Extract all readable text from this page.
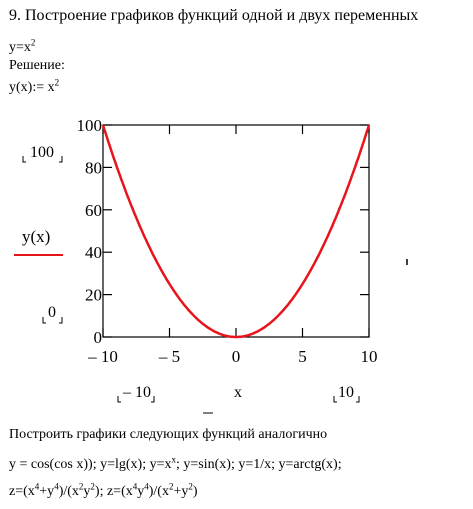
9. Построение графиков функций одной и двух переменных
$y=x^2$
Решение:
y(x):= $x^2$
– 10 – 5	0	5	10
0
20
40
60
80
100
100
0
y(x)
– 10	x	10
Построить графики следующих функций аналогично
y = cos(cos x)); y=lg(x); $y=x^x$; y=sin(x); y=1/x; y=arctg(x);
$z=(x^4+y^4)/(x^2y^2)$; $z=(x^4y^4)/(x^2+y^2)$
